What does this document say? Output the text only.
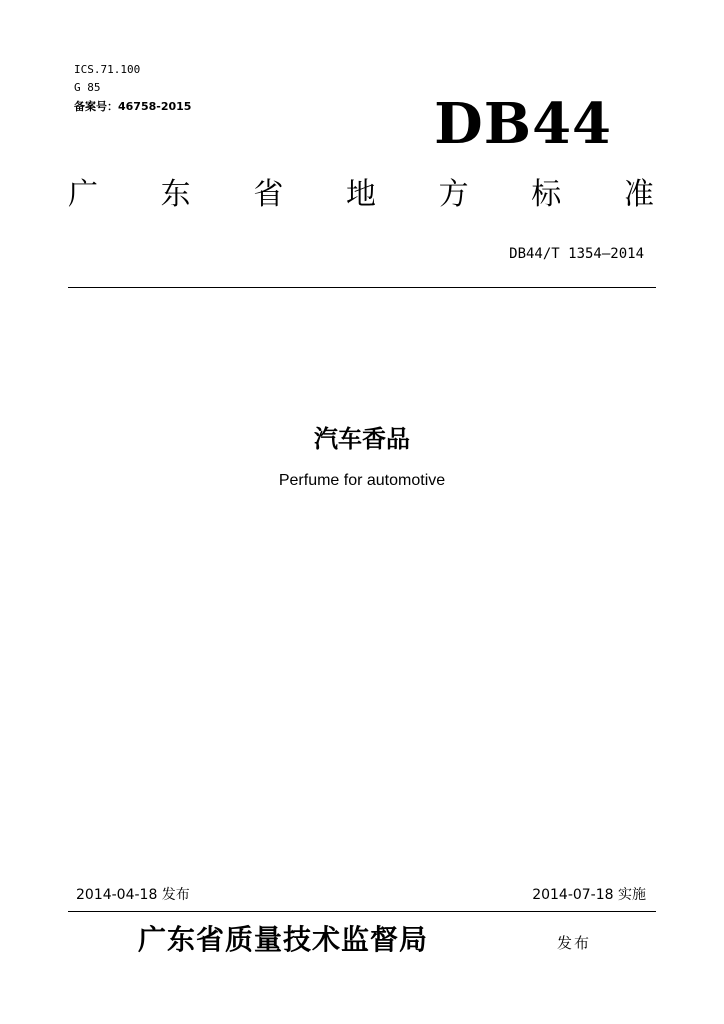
ICS.71.100
G 85
备案号：46758-2015	DB44
广 东 省 地 方 标 准
DB44/T 1354—2014
汽车香品
Perfume for automotive
2014-04-18 发布	2014-07-18 实施
广东省质量技术监督局	发布
